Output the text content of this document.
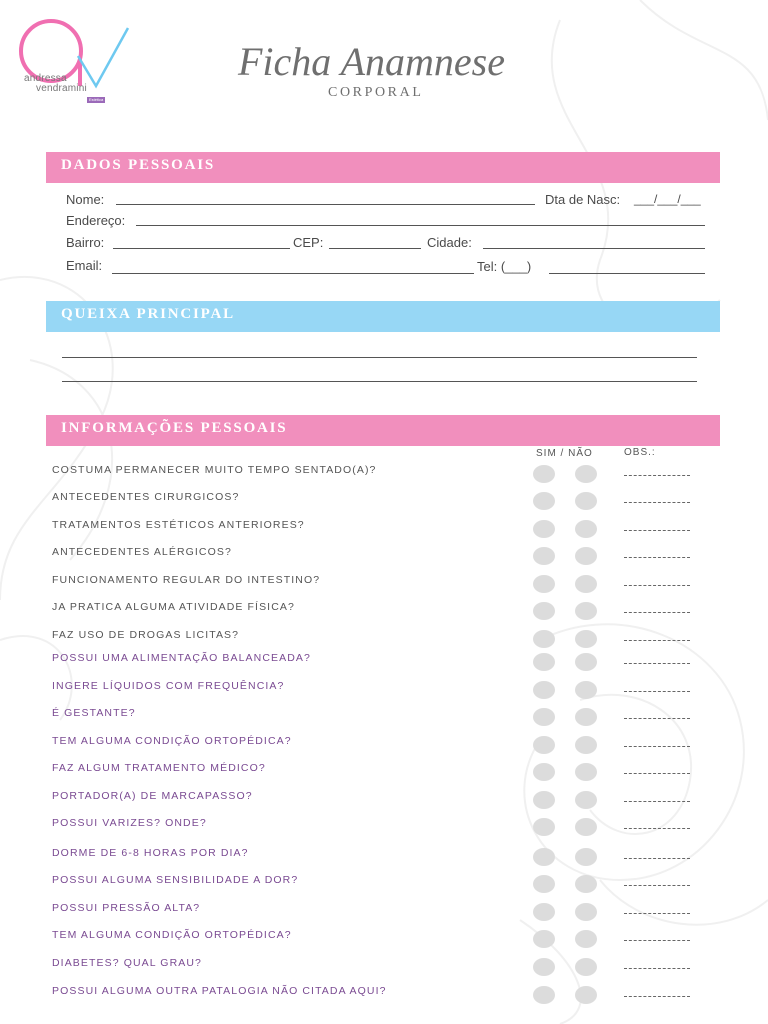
andressa
vendramini
Estética
Ficha Anamnese
CORPORAL
DADOS PESSOAIS
Nome:	Dta de Nasc: ___/___/___
Endereço:
Bairro:	CEP:	Cidade:
Email:	Tel: (___)
QUEIXA PRINCIPAL
INFORMAÇÕES PESSOAIS
SIM / NÃO	OBS.:
COSTUMA PERMANECER MUITO TEMPO SENTADO(A)?
ANTECEDENTES CIRURGICOS?
TRATAMENTOS ESTÉTICOS ANTERIORES?
ANTECEDENTES ALÉRGICOS?
FUNCIONAMENTO REGULAR DO INTESTINO?
JA PRATICA ALGUMA ATIVIDADE FÍSICA?
FAZ USO DE DROGAS LICITAS?
POSSUI UMA ALIMENTAÇÃO BALANCEADA?
INGERE LÍQUIDOS COM FREQUÊNCIA?
É GESTANTE?
TEM ALGUMA CONDIÇÃO ORTOPÉDICA?
FAZ ALGUM TRATAMENTO MÉDICO?
PORTADOR(A) DE MARCAPASSO?
POSSUI VARIZES? ONDE?
DORME DE 6-8 HORAS POR DIA?
POSSUI ALGUMA SENSIBILIDADE A DOR?
POSSUI PRESSÃO ALTA?
TEM ALGUMA CONDIÇÃO ORTOPÉDICA?
DIABETES? QUAL GRAU?
POSSUI ALGUMA OUTRA PATALOGIA NÃO CITADA AQUI?
